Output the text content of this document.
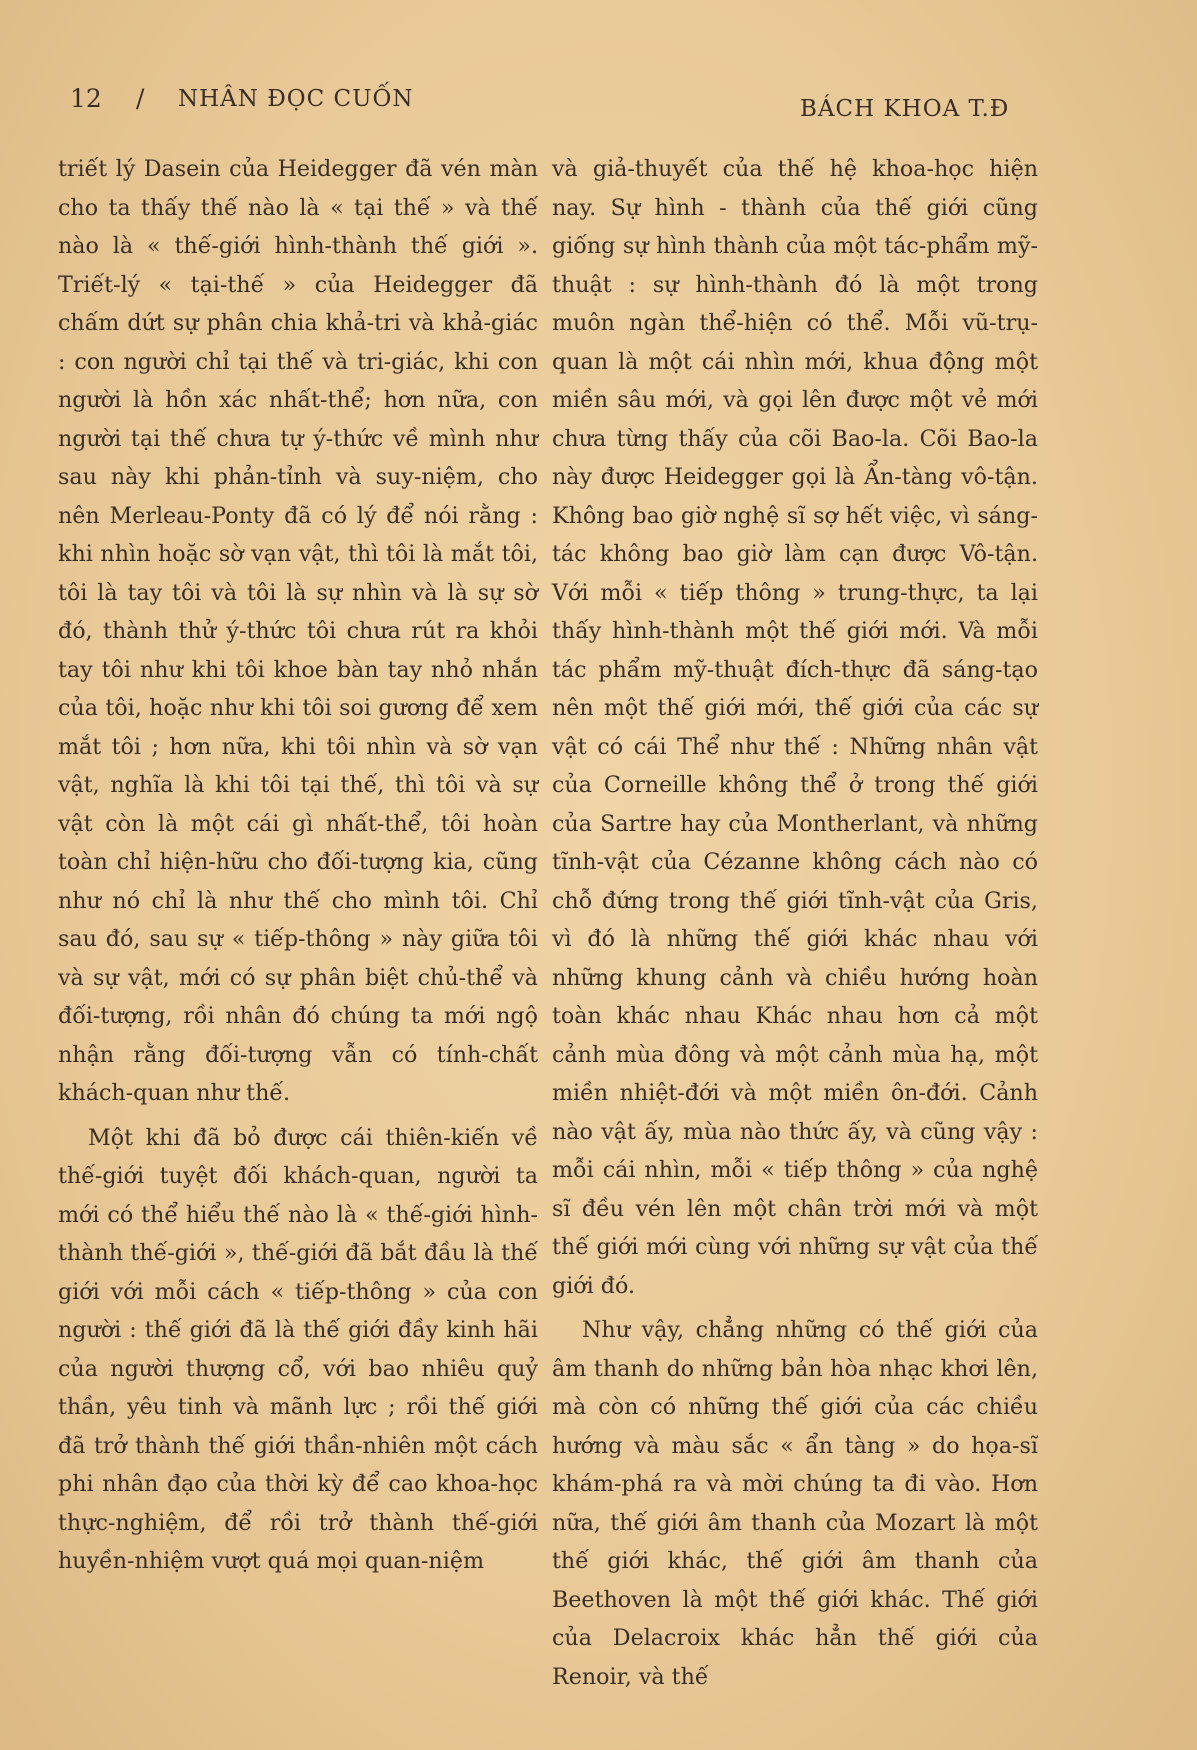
12 / NHÂN ĐỌC CUỐN	BÁCH KHOA T.Đ

triết lý Dasein của Heidegger đã vén màn cho ta thấy thế nào là « tại thế » và thế nào là « thế-giới hình-thành thế giới ». Triết-lý « tại-thế » của Heidegger đã chấm dứt sự phân chia khả-tri và khả-giác : con người chỉ tại thế và tri-giác, khi con người là hồn xác nhất-thể; hơn nữa, con người tại thế chưa tự ý-thức về mình như sau này khi phản-tỉnh và suy-niệm, cho nên Merleau-Ponty đã có lý để nói rằng : khi nhìn hoặc sờ vạn vật, thì tôi là mắt tôi, tôi là tay tôi và tôi là sự nhìn và là sự sờ đó, thành thử ý-thức tôi chưa rút ra khỏi tay tôi như khi tôi khoe bàn tay nhỏ nhắn của tôi, hoặc như khi tôi soi gương để xem mắt tôi ; hơn nữa, khi tôi nhìn và sờ vạn vật, nghĩa là khi tôi tại thế, thì tôi và sự vật còn là một cái gì nhất-thể, tôi hoàn toàn chỉ hiện-hữu cho đối-tượng kia, cũng như nó chỉ là như thế cho mình tôi. Chỉ sau đó, sau sự « tiếp-thông » này giữa tôi và sự vật, mới có sự phân biệt chủ-thể và đối-tượng, rồi nhân đó chúng ta mới ngộ nhận rằng đối-tượng vẫn có tính-chất khách-quan như thế.

Một khi đã bỏ được cái thiên-kiến về thế-giới tuyệt đối khách-quan, người ta mới có thể hiểu thế nào là « thế-giới hình-thành thế-giới », thế-giới đã bắt đầu là thế giới với mỗi cách « tiếp-thông » của con người : thế giới đã là thế giới đầy kinh hãi của người thượng cổ, với bao nhiêu quỷ thần, yêu tinh và mãnh lực ; rồi thế giới đã trở thành thế giới thần-nhiên một cách phi nhân đạo của thời kỳ để cao khoa-học thực-nghiệm, để rồi trở thành thế-giới huyền-nhiệm vượt quá mọi quan-niệm

và giả-thuyết của thế hệ khoa-học hiện nay. Sự hình - thành của thế giới cũng giống sự hình thành của một tác-phẩm mỹ-thuật : sự hình-thành đó là một trong muôn ngàn thể-hiện có thể. Mỗi vũ-trụ-quan là một cái nhìn mới, khua động một miền sâu mới, và gọi lên được một vẻ mới chưa từng thấy của cõi Bao-la. Cõi Bao-la này được Heidegger gọi là Ẩn-tàng vô-tận. Không bao giờ nghệ sĩ sợ hết việc, vì sáng-tác không bao giờ làm cạn được Vô-tận. Với mỗi « tiếp thông » trung-thực, ta lại thấy hình-thành một thế giới mới. Và mỗi tác phẩm mỹ-thuật đích-thực đã sáng-tạo nên một thế giới mới, thế giới của các sự vật có cái Thể như thế : Những nhân vật của Corneille không thể ở trong thế giới của Sartre hay của Montherlant, và những tĩnh-vật của Cézanne không cách nào có chỗ đứng trong thế giới tĩnh-vật của Gris, vì đó là những thế giới khác nhau với những khung cảnh và chiều hướng hoàn toàn khác nhau Khác nhau hơn cả một cảnh mùa đông và một cảnh mùa hạ, một miền nhiệt-đới và một miền ôn-đới. Cảnh nào vật ấy, mùa nào thức ấy, và cũng vậy : mỗi cái nhìn, mỗi « tiếp thông » của nghệ sĩ đều vén lên một chân trời mới và một thế giới mới cùng với những sự vật của thế giới đó.

Như vậy, chẳng những có thế giới của âm thanh do những bản hòa nhạc khơi lên, mà còn có những thế giới của các chiều hướng và màu sắc « ẩn tàng » do họa-sĩ khám-phá ra và mời chúng ta đi vào. Hơn nữa, thế giới âm thanh của Mozart là một thế giới khác, thế giới âm thanh của Beethoven là một thế giới khác. Thế giới của Delacroix khác hẳn thế giới của Renoir, và thế
